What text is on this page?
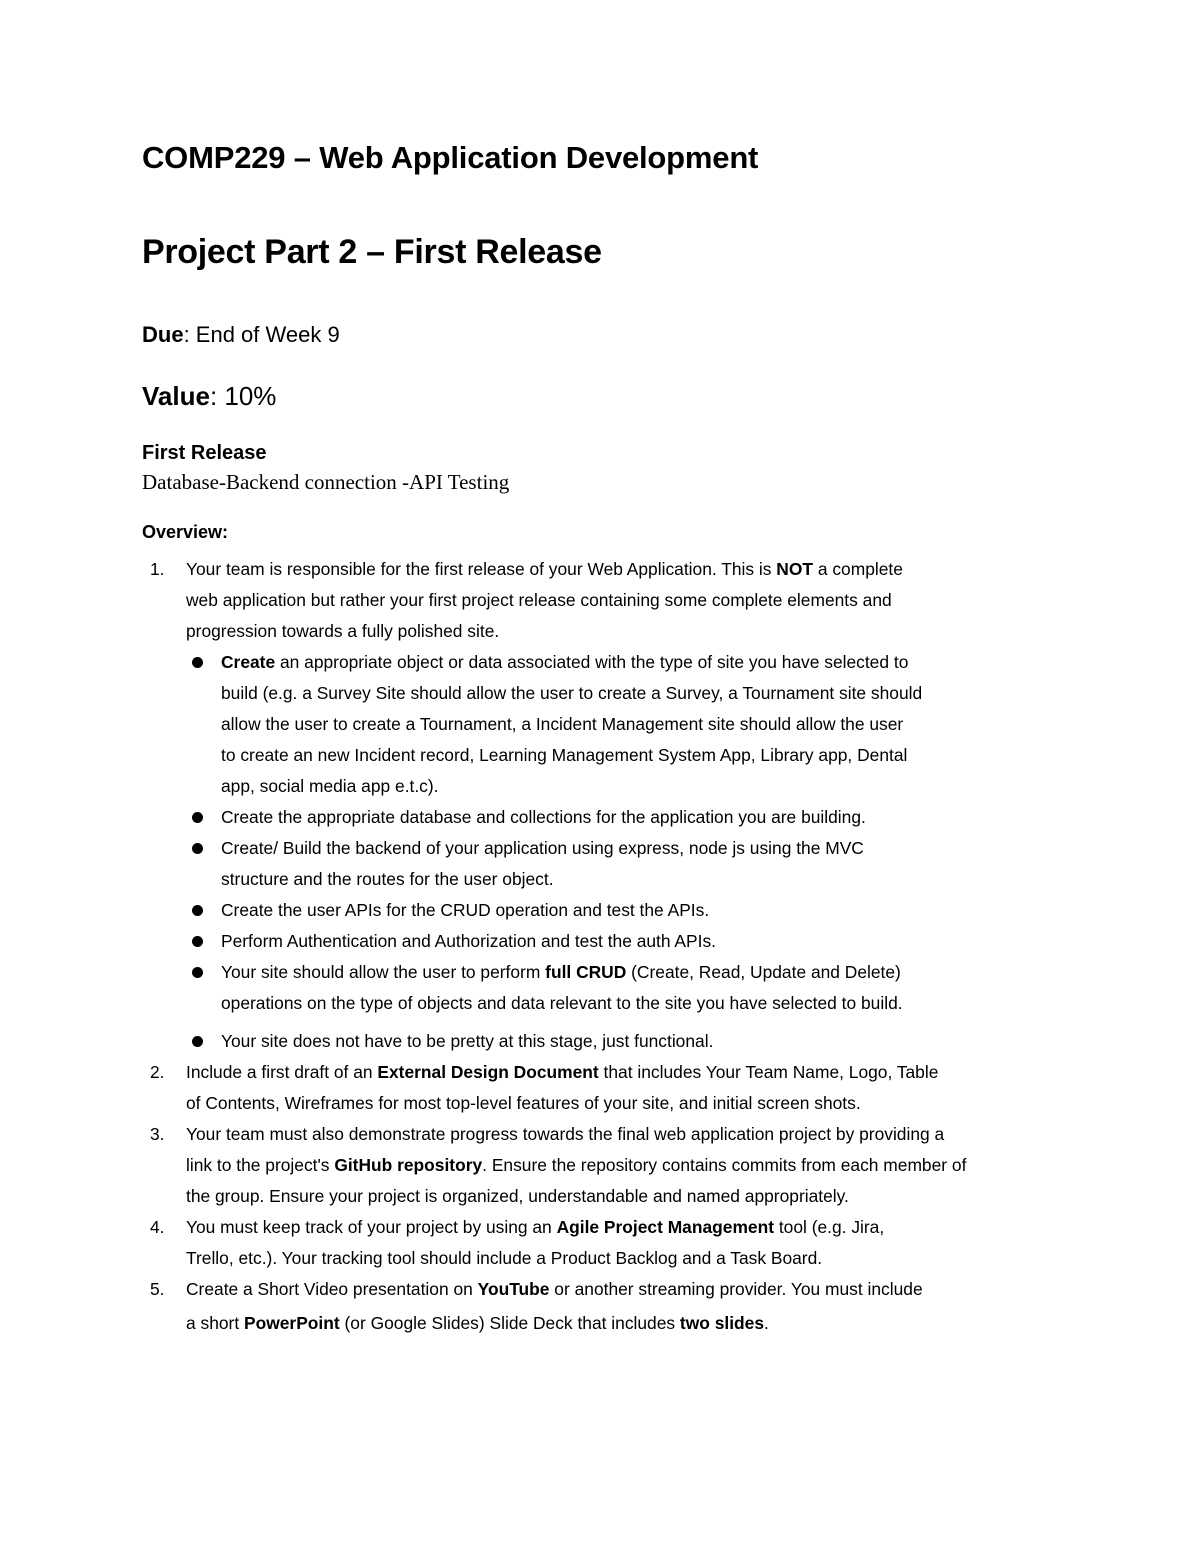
COMP229 – Web Application Development
Project Part 2 – First Release
Due: End of Week 9
Value: 10%
First Release
Database-Backend connection -API Testing
Overview:
1. Your team is responsible for the first release of your Web Application. This is NOT a complete
web application but rather your first project release containing some complete elements and
progression towards a fully polished site.
Create an appropriate object or data associated with the type of site you have selected to
build (e.g. a Survey Site should allow the user to create a Survey, a Tournament site should
allow the user to create a Tournament, a Incident Management site should allow the user
to create an new Incident record, Learning Management System App, Library app, Dental
app, social media app e.t.c).
Create the appropriate database and collections for the application you are building.
Create/ Build the backend of your application using express, node js using the MVC
structure and the routes for the user object.
Create the user APIs for the CRUD operation and test the APIs.
Perform Authentication and Authorization and test the auth APIs.
Your site should allow the user to perform full CRUD (Create, Read, Update and Delete)
operations on the type of objects and data relevant to the site you have selected to build.
Your site does not have to be pretty at this stage, just functional.
2. Include a first draft of an External Design Document that includes Your Team Name, Logo, Table
of Contents, Wireframes for most top-level features of your site, and initial screen shots.
3. Your team must also demonstrate progress towards the final web application project by providing a
link to the project's GitHub repository. Ensure the repository contains commits from each member of
the group. Ensure your project is organized, understandable and named appropriately.
4. You must keep track of your project by using an Agile Project Management tool (e.g. Jira,
Trello, etc.). Your tracking tool should include a Product Backlog and a Task Board.
5. Create a Short Video presentation on YouTube or another streaming provider. You must include
a short PowerPoint (or Google Slides) Slide Deck that includes two slides.
